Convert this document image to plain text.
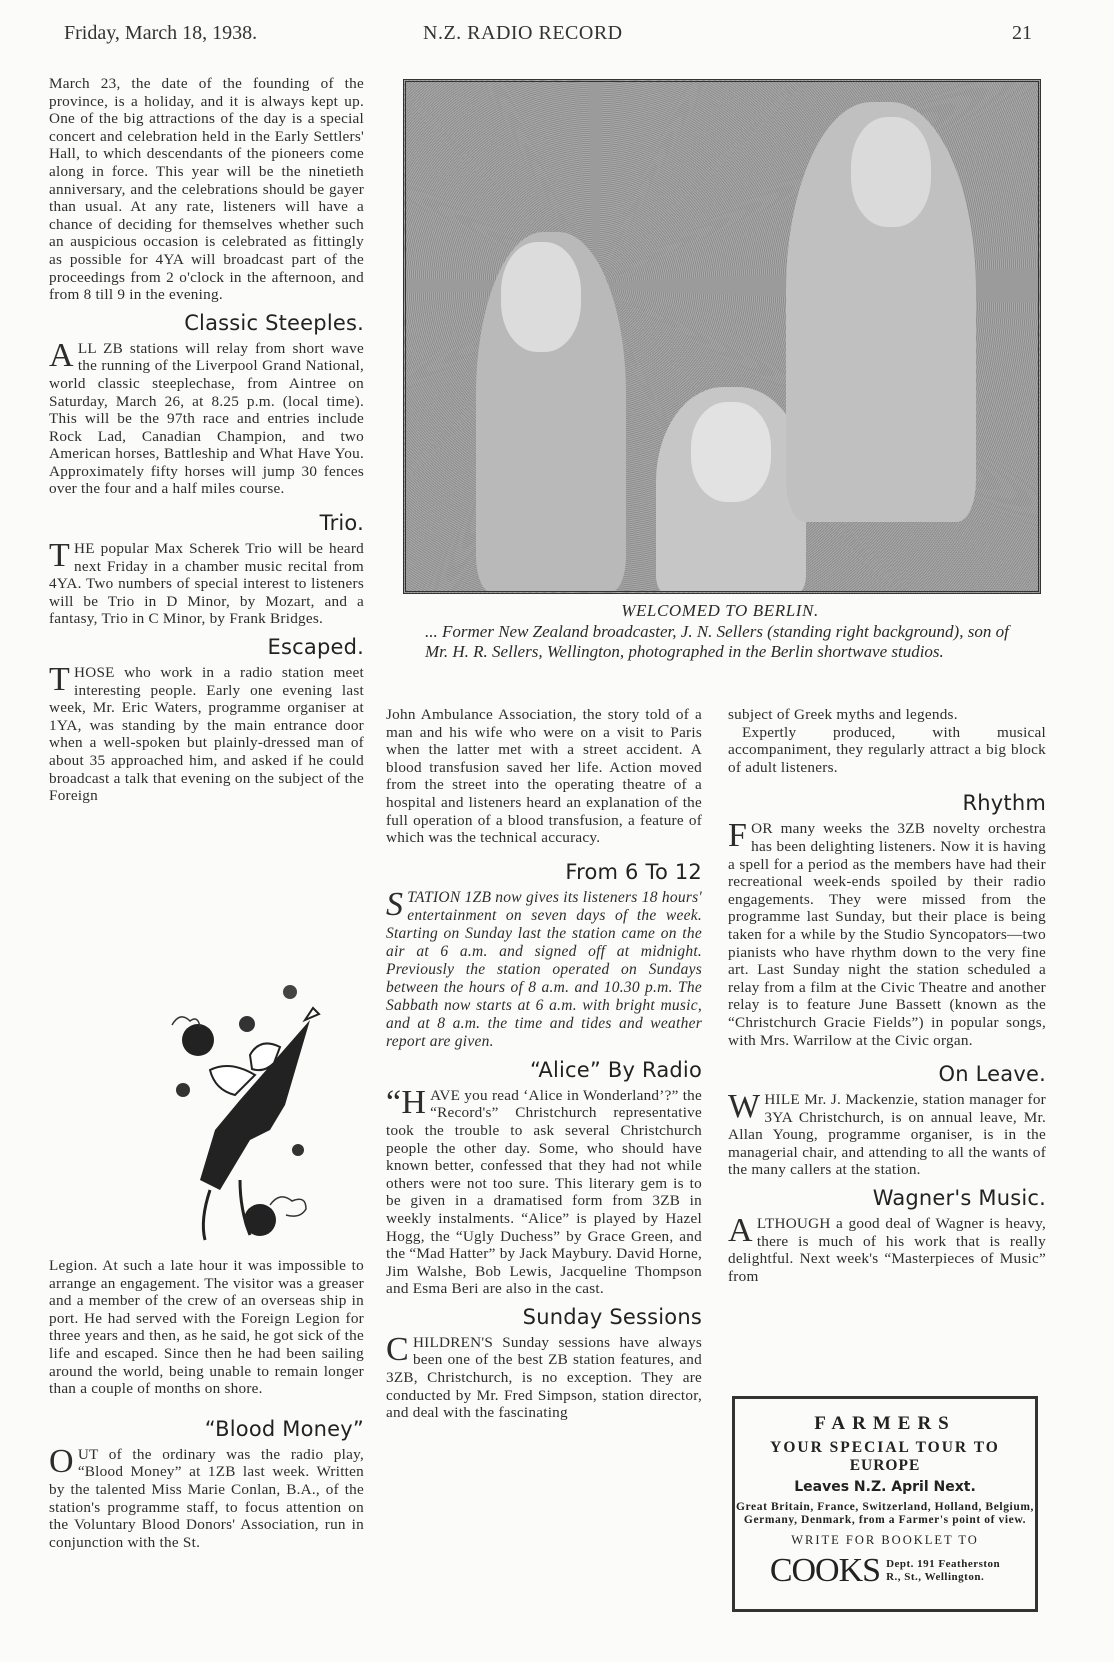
Friday, March 18, 1938.	N.Z. RADIO RECORD	21

March 23, the date of the founding of the province, is a holiday, and it is always kept up. One of the big attractions of the day is a special concert and celebration held in the Early Settlers' Hall, to which descendants of the pioneers come along in force. This year will be the ninetieth anniversary, and the celebrations should be gayer than usual. At any rate, listeners will have a chance of deciding for themselves whether such an auspicious occasion is celebrated as fittingly as possible for 4YA will broadcast part of the proceedings from 2 o'clock in the afternoon, and from 8 till 9 in the evening.

Classic Steeples.

ALL ZB stations will relay from short wave the running of the Liverpool Grand National, world classic steeplechase, from Aintree on Saturday, March 26, at 8.25 p.m. (local time). This will be the 97th race and entries include Rock Lad, Canadian Champion, and two American horses, Battleship and What Have You. Approximately fifty horses will jump 30 fences over the four and a half miles course.

Trio.

THE popular Max Scherek Trio will be heard next Friday in a chamber music recital from 4YA. Two numbers of special interest to listeners will be Trio in D Minor, by Mozart, and a fantasy, Trio in C Minor, by Frank Bridges.

Escaped.

THOSE who work in a radio station meet interesting people. Early one evening last week, Mr. Eric Waters, programme organiser at 1YA, was standing by the main entrance door when a well-spoken but plainly-dressed man of about 35 approached him, and asked if he could broadcast a talk that evening on the subject of the Foreign

Legion. At such a late hour it was impossible to arrange an engagement. The visitor was a greaser and a member of the crew of an overseas ship in port. He had served with the Foreign Legion for three years and then, as he said, he got sick of the life and escaped. Since then he had been sailing around the world, being unable to remain longer than a couple of months on shore.

“Blood Money”

OUT of the ordinary was the radio play, “Blood Money” at 1ZB last week. Written by the talented Miss Marie Conlan, B.A., of the station's programme staff, to focus attention on the Voluntary Blood Donors' Association, run in conjunction with the St.

WELCOMED TO BERLIN.
... Former New Zealand broadcaster, J. N. Sellers (standing right background), son of Mr. H. R. Sellers, Wellington, photographed in the Berlin shortwave studios.

John Ambulance Association, the story told of a man and his wife who were on a visit to Paris when the latter met with a street accident. A blood transfusion saved her life. Action moved from the street into the operating theatre of a hospital and listeners heard an explanation of the full operation of a blood transfusion, a feature of which was the technical accuracy.

From 6 To 12

STATION 1ZB now gives its listeners 18 hours' entertainment on seven days of the week. Starting on Sunday last the station came on the air at 6 a.m. and signed off at midnight. Previously the station operated on Sundays between the hours of 8 a.m. and 10.30 p.m. The Sabbath now starts at 6 a.m. with bright music, and at 8 a.m. the time and tides and weather report are given.

“Alice” By Radio

“HAVE you read ‘Alice in Wonderland’?” the “Record's” Christchurch representative took the trouble to ask several Christchurch people the other day. Some, who should have known better, confessed that they had not while others were not too sure. This literary gem is to be given in a dramatised form from 3ZB in weekly instalments. “Alice” is played by Hazel Hogg, the “Ugly Duchess” by Grace Green, and the “Mad Hatter” by Jack Maybury. David Horne, Jim Walshe, Bob Lewis, Jacqueline Thompson and Esma Beri are also in the cast.

Sunday Sessions

CHILDREN'S Sunday sessions have always been one of the best ZB station features, and 3ZB, Christchurch, is no exception. They are conducted by Mr. Fred Simpson, station director, and deal with the fascinating

subject of Greek myths and legends.

Expertly produced, with musical accompaniment, they regularly attract a big block of adult listeners.

Rhythm

FOR many weeks the 3ZB novelty orchestra has been delighting listeners. Now it is having a spell for a period as the members have had their recreational week-ends spoiled by their radio engagements. They were missed from the programme last Sunday, but their place is being taken for a while by the Studio Syncopators—two pianists who have rhythm down to the very fine art. Last Sunday night the station scheduled a relay from a film at the Civic Theatre and another relay is to feature June Bassett (known as the “Christchurch Gracie Fields”) in popular songs, with Mrs. Warrilow at the Civic organ.

On Leave.

WHILE Mr. J. Mackenzie, station manager for 3YA Christchurch, is on annual leave, Mr. Allan Young, programme organiser, is in the managerial chair, and attending to all the wants of the many callers at the station.

Wagner's Music.

ALTHOUGH a good deal of Wagner is heavy, there is much of his work that is really delightful. Next week's “Masterpieces of Music” from

FARMERS
YOUR SPECIAL TOUR TO
EUROPE
Leaves N.Z. April Next.
Great Britain, France, Switzerland, Holland, Belgium, Germany, Denmark, from a Farmer's point of view.
WRITE FOR BOOKLET TO
COOKS Dept. 191 Featherston
R., St., Wellington.
